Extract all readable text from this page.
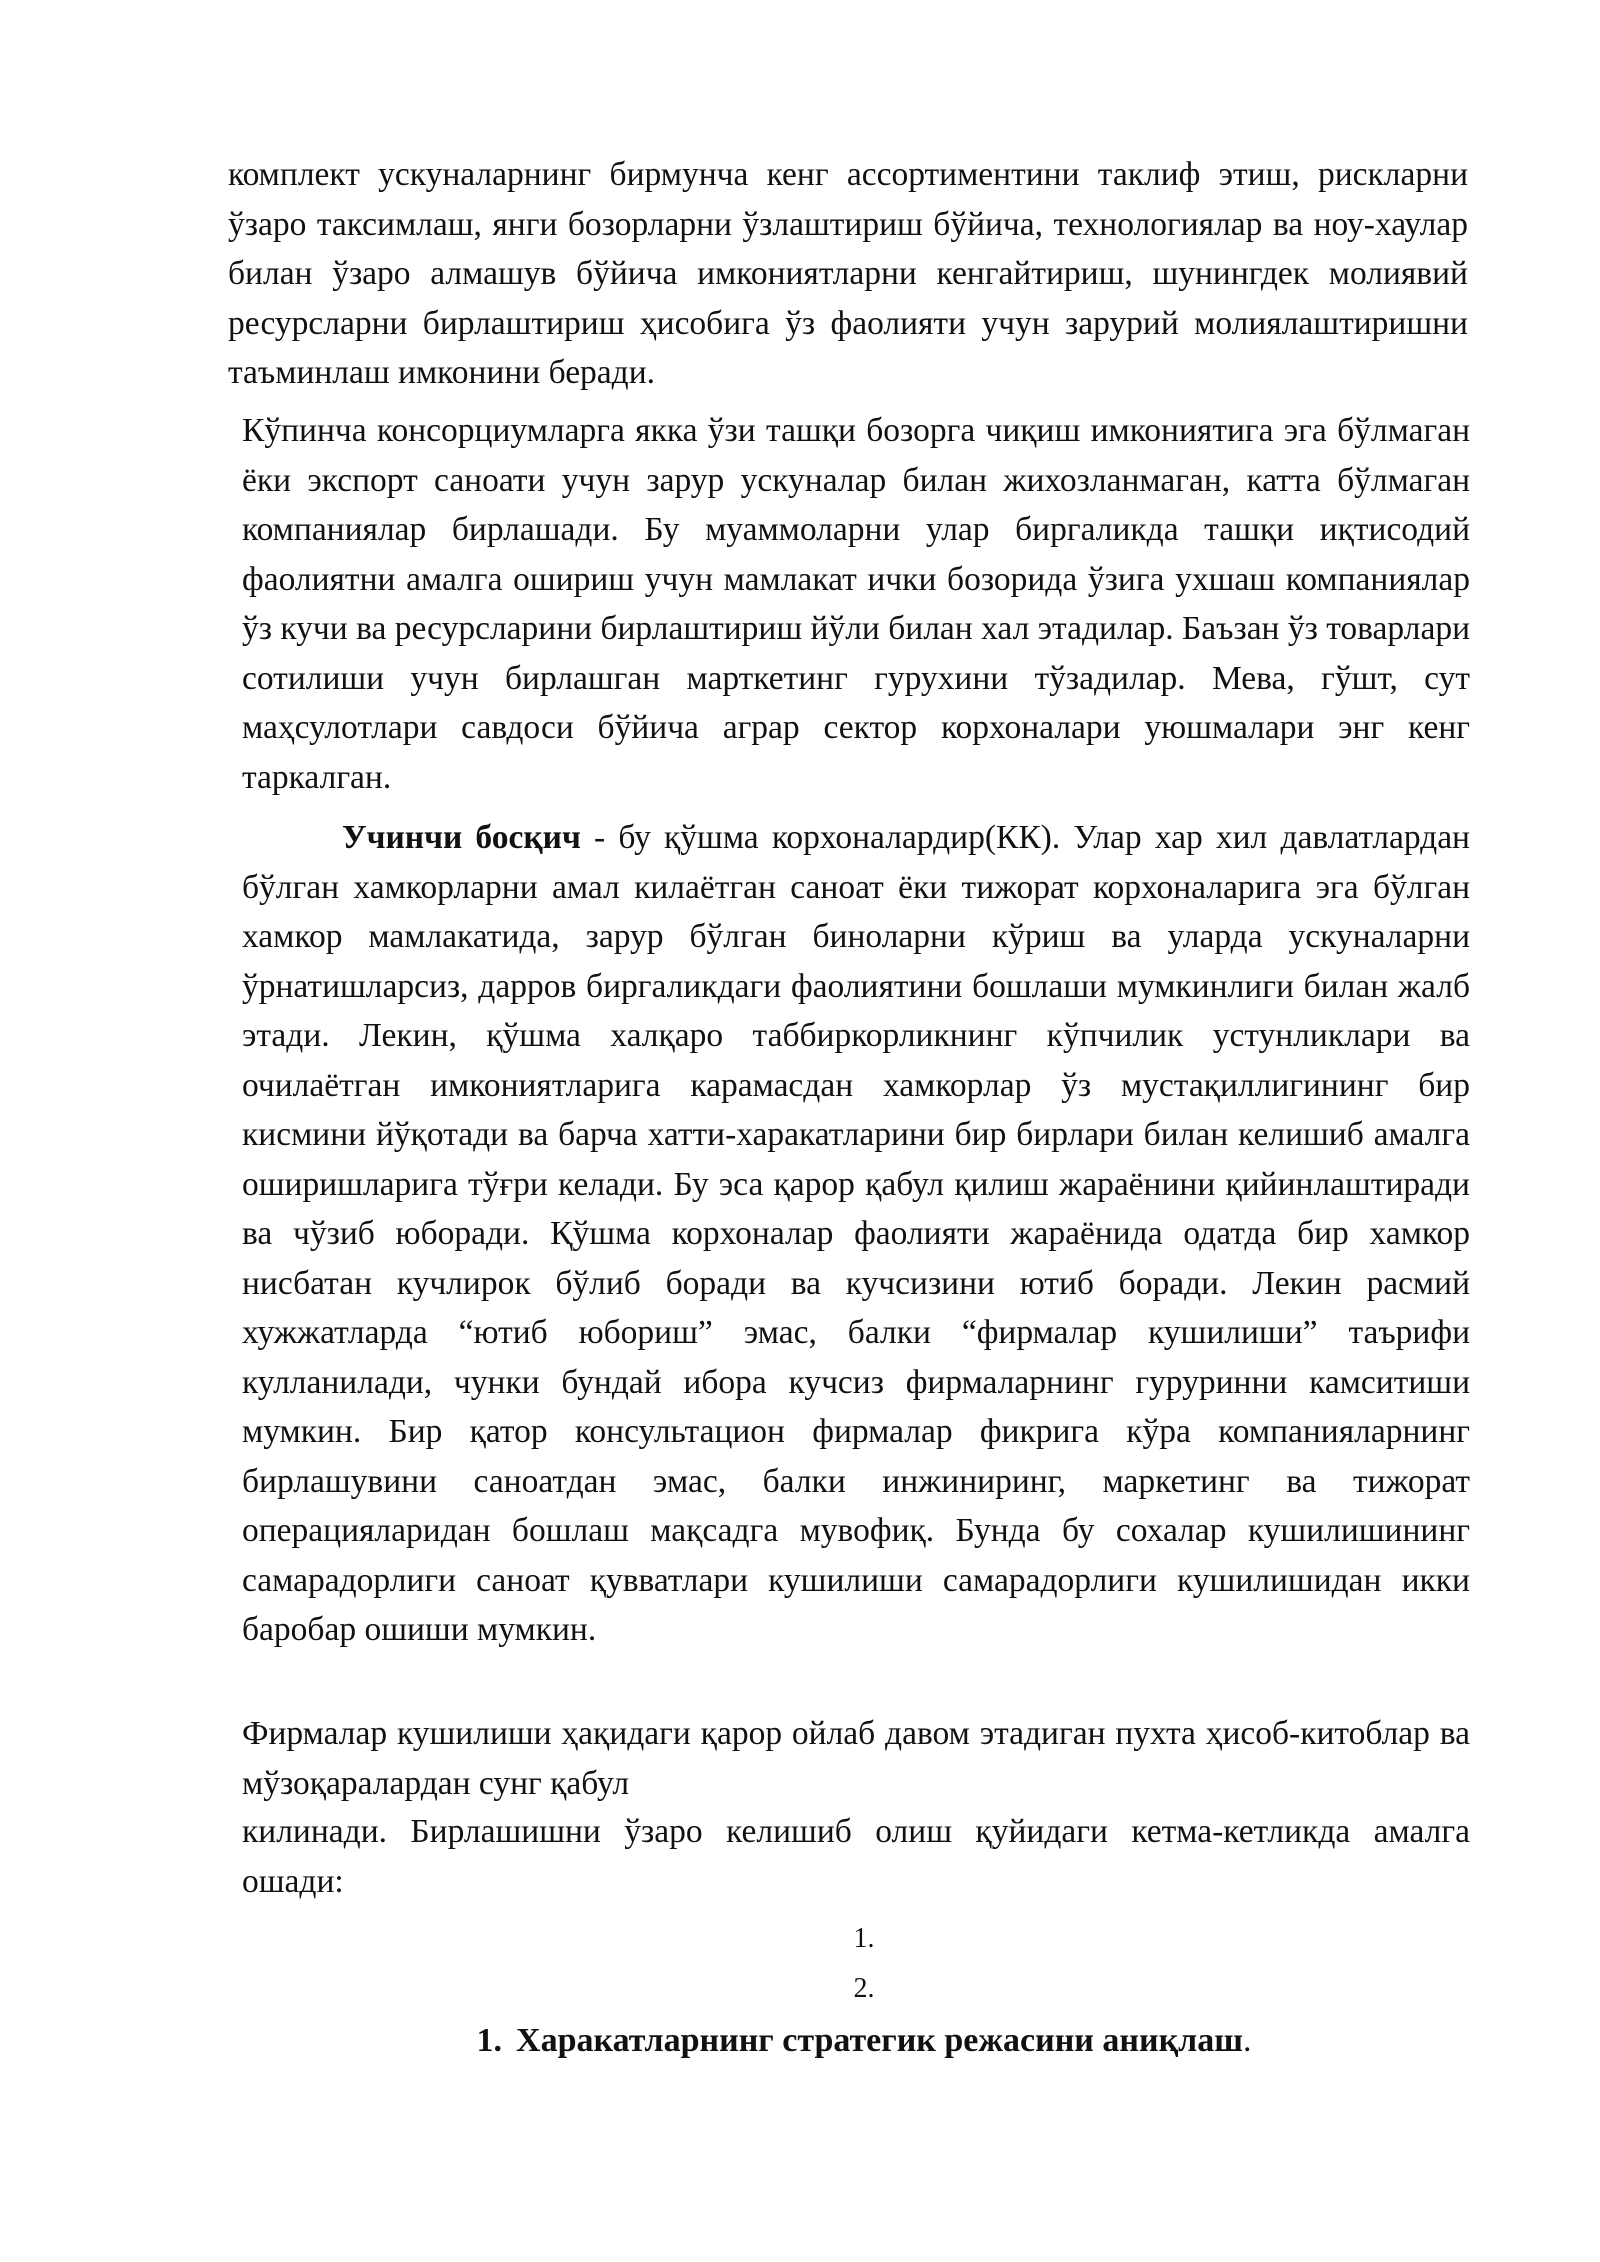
комплект ускуналарнинг бирмунча кенг ассортиментини таклиф этиш, рискларни ўзаро таксимлаш, янги бозорларни ўзлаштириш бўйича, технологиялар ва ноу-хаулар билан ўзаро алмашув бўйича имкониятларни кенгайтириш, шунингдек молиявий ресурсларни бирлаштириш ҳисобига ўз фаолияти учун зарурий молиялаштиришни таъминлаш имконини беради.

Кўпинча консорциумларга якка ўзи ташқи бозорга чиқиш имкониятига эга бўлмаган ёки экспорт саноати учун зарур ускуналар билан жихозланмаган, катта бўлмаган компаниялар бирлашади. Бу муаммоларни улар биргаликда ташқи иқтисодий фаолиятни амалга ошириш учун мамлакат ички бозорида ўзига ухшаш компаниялар ўз кучи ва ресурсларини бирлаштириш йўли билан хал этадилар. Баъзан ўз товарлари сотилиши учун бирлашган марткетинг гурухини тўзадилар. Мева, гўшт, сут маҳсулотлари савдоси бўйича аграр сектор корхоналари уюшмалари энг кенг таркалган.

Учинчи босқич - бу қўшма корхоналардир(КК). Улар хар хил давлатлардан бўлган хамкорларни амал килаётган саноат ёки тижорат корхоналарига эга бўлган хамкор мамлакатида, зарур бўлган биноларни кўриш ва уларда ускуналарни ўрнатишларсиз, дарров биргаликдаги фаолиятини бошлаши мумкинлиги билан жалб этади. Лекин, қўшма халқаро таббиркорликнинг кўпчилик устунликлари ва очилаётган имкониятларига карамасдан хамкорлар ўз мустақиллигининг бир кисмини йўқотади ва барча хатти-харакатларини бир бирлари билан келишиб амалга оширишларига тўғри келади. Бу эса қарор қабул қилиш жараёнини қийинлаштиради ва чўзиб юборади. Қўшма корхоналар фаолияти жараёнида одатда бир хамкор нисбатан кучлирок бўлиб боради ва кучсизини ютиб боради. Лекин расмий хужжатларда “ютиб юбориш” эмас, балки “фирмалар кушилиши” таърифи кулланилади, чунки бундай ибора кучсиз фирмаларнинг гуруринни камситиши мумкин. Бир қатор консультацион фирмалар фикрига кўра компанияларнинг бирлашувини саноатдан эмас, балки инжиниринг, маркетинг ва тижорат операцияларидан бошлаш мақсадга мувофиқ. Бунда бу сохалар кушилишининг самарадорлиги саноат қувватлари кушилиши самарадорлиги кушилишидан икки баробар ошиши мумкин.

Фирмалар кушилиши ҳақидаги қарор ойлаб давом этадиган пухта ҳисоб-китоблар ва мўзоқаралардан сунг қабул

килинади. Бирлашишни ўзаро келишиб олиш қуйидаги кетма-кетликда амалга ошади:

1.
2.
1. Харакатларнинг стратегик режасини аниқлаш.
